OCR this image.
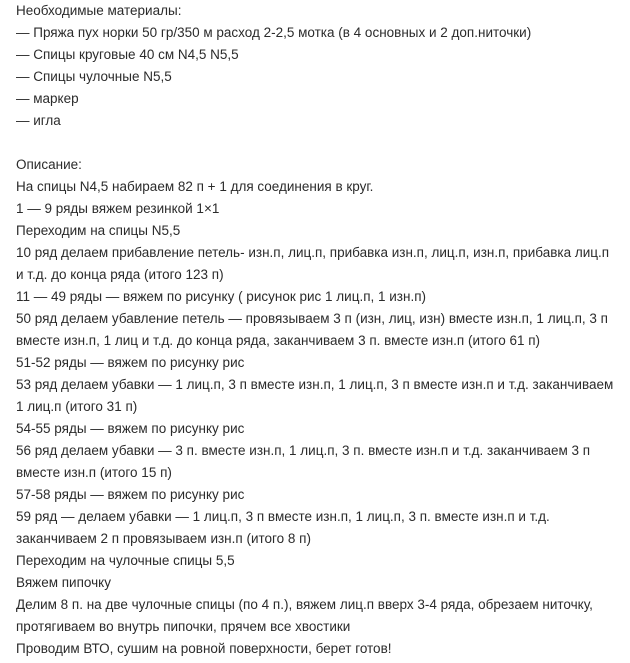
Необходимые материалы:
— Пряжа пух норки 50 гр/350 м расход 2-2,5 мотка (в 4 основных и 2 доп.ниточки)
— Спицы круговые 40 см N4,5 N5,5
— Спицы чулочные N5,5
— маркер
— игла
Описание:
На спицы N4,5 набираем 82 п + 1 для соединения в круг.
1 — 9 ряды вяжем резинкой 1×1
Переходим на спицы N5,5
10 ряд делаем прибавление петель- изн.п, лиц.п, прибавка изн.п, лиц.п, изн.п, прибавка лиц.п
и т.д. до конца ряда (итого 123 п)
11 — 49 ряды — вяжем по рисунку ( рисунок рис 1 лиц.п, 1 изн.п)
50 ряд делаем убавление петель — провязываем 3 п (изн, лиц, изн) вместе изн.п, 1 лиц.п, 3 п
вместе изн.п, 1 лиц и т.д. до конца ряда, заканчиваем 3 п. вместе изн.п (итого 61 п)
51-52 ряды — вяжем по рисунку рис
53 ряд делаем убавки — 1 лиц.п, 3 п вместе изн.п, 1 лиц.п, 3 п вместе изн.п и т.д. заканчиваем
1 лиц.п (итого 31 п)
54-55 ряды — вяжем по рисунку рис
56 ряд делаем убавки — 3 п. вместе изн.п, 1 лиц.п, 3 п. вместе изн.п и т.д. заканчиваем 3 п
вместе изн.п (итого 15 п)
57-58 ряды — вяжем по рисунку рис
59 ряд — делаем убавки — 1 лиц.п, 3 п вместе изн.п, 1 лиц.п, 3 п. вместе изн.п и т.д.
заканчиваем 2 п провязываем изн.п (итого 8 п)
Переходим на чулочные спицы 5,5
Вяжем пипочку
Делим 8 п. на две чулочные спицы (по 4 п.), вяжем лиц.п вверх 3-4 ряда, обрезаем ниточку,
протягиваем во внутрь пипочки, прячем все хвостики
Проводим ВТО, сушим на ровной поверхности, берет готов!
